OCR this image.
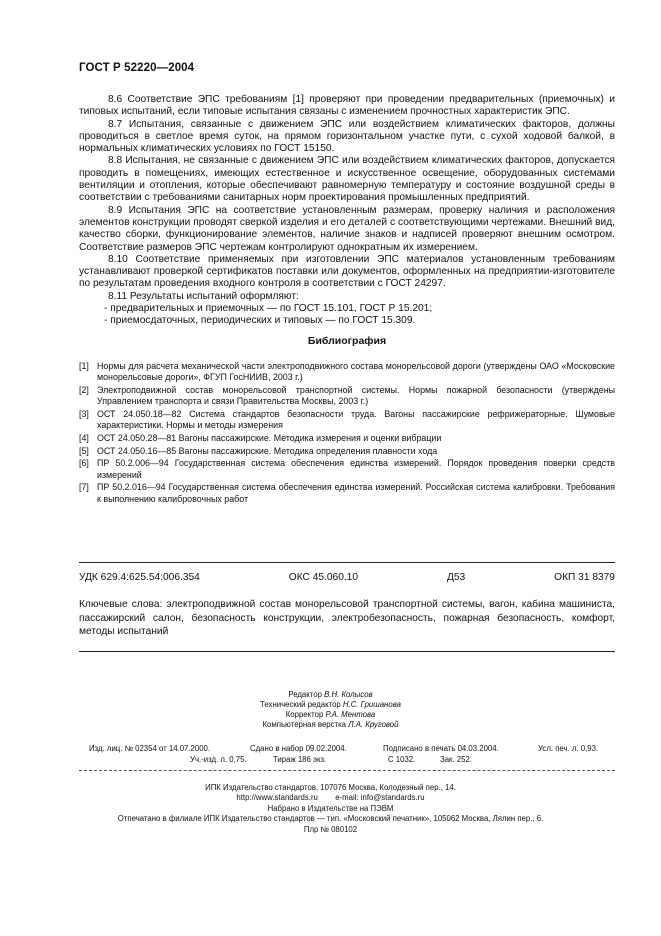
ГОСТ Р 52220—2004

8.6 Соответствие ЭПС требованиям [1] проверяют при проведении предварительных (приемочных) и типовых испытаний, если типовые испытания связаны с изменением прочностных характеристик ЭПС.

8.7 Испытания, связанные с движением ЭПС или воздействием климатических факторов, должны проводиться в светлое время суток, на прямом горизонтальном участке пути, с сухой ходовой балкой, в нормальных климатических условиях по ГОСТ 15150.

8.8 Испытания, не связанные с движением ЭПС или воздействием климатических факторов, допускается проводить в помещениях, имеющих естественное и искусственное освещение, оборудованных системами вентиляции и отопления, которые обеспечивают равномерную температуру и состояние воздушной среды в соответствии с требованиями санитарных норм проектирования промышленных предприятий.

8.9 Испытания ЭПС на соответствие установленным размерам, проверку наличия и расположения элементов конструкции проводят сверкой изделия и его деталей с соответствующими чертежами. Внешний вид, качество сборки, функционирование элементов, наличие знаков и надписей проверяют внешним осмотром. Соответствие размеров ЭПС чертежам контролируют однократным их измерением.

8.10 Соответствие применяемых при изготовлении ЭПС материалов установленным требованиям устанавливают проверкой сертификатов поставки или документов, оформленных на предприятии-изготовителе по результатам проведения входного контроля в соответствии с ГОСТ 24297.

8.11 Результаты испытаний оформляют:

- предварительных и приемочных — по ГОСТ 15.101, ГОСТ Р 15.201;

- приемосдаточных, периодических и типовых — по ГОСТ 15.309.

Библиография
[1] Нормы для расчета механической части электроподвижного состава монорельсовой дороги (утверждены ОАО «Московские монорельсовые дороги», ФГУП ГосНИИВ, 2003 г.)
[2] Электроподвижной состав монорельсовой транспортной системы. Нормы пожарной безопасности (утверждены Управлением транспорта и связи Правительства Москвы, 2003 г.)
[3] ОСТ 24.050.18—82 Система стандартов безопасности труда. Вагоны пассажирские рефрижераторные. Шумовые характеристики. Нормы и методы измерения
[4] ОСТ 24.050.28—81 Вагоны пассажирские. Методика измерения и оценки вибрации
[5] ОСТ 24.050.16—85 Вагоны пассажирские. Методика определения плавности хода
[6] ПР 50.2.006—94 Государственная система обеспечения единства измерений. Порядок проведения поверки средств измерений
[7] ПР 50.2.016—94 Государственная система обеспечения единства измерений. Российская система калибровки. Требования к выполнению калибровочных работ
УДК 629.4:625.54:006.354	ОКС 45.060.10	Д53	ОКП 31 8379
Ключевые слова: электроподвижной состав монорельсовой транспортной системы, вагон, кабина машиниста, пассажирский салон, безопасность конструкции, электробезопасность, пожарная безопасность, комфорт, методы испытаний
Редактор В.Н. Колысов
Технический редактор Н.С. Гришанова
Корректор Р.А. Ментова
Компьютерная верстка Л.А. Круговой
Изд. лиц. № 02354 от 14.07.2000.	Сдано в набор 09.02.2004.	Подписано в печать 04.03.2004.	Усл. печ. л. 0,93.
Уч.-изд. л. 0,75.	Тираж 186 экз.	С 1032.	Зак. 252.
ИПК Издательство стандартов, 107076 Москва, Колодезный пер., 14.
http://www.standards.ru        e-mail: info@standards.ru
Набрано в Издательстве на ПЭВМ
Отпечатано в филиале ИПК Издательство стандартов — тип. «Московский печатник», 105062 Москва, Лялин пер., 6.
Плр № 080102
